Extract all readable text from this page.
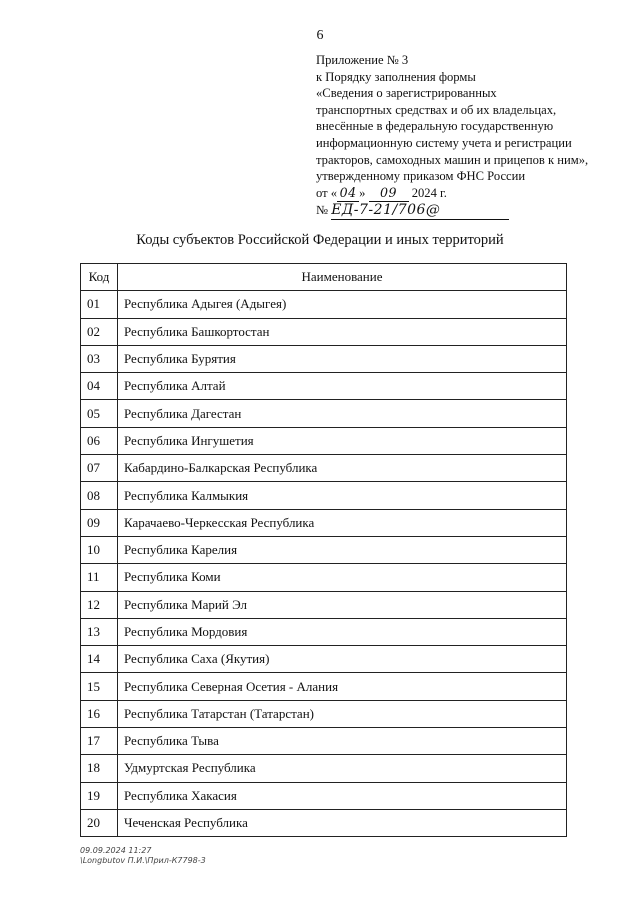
6
Приложение № 3
к Порядку заполнения формы
«Сведения о зарегистрированных
транспортных средствах и об их владельцах,
внесённые в федеральную государственную
информационную систему учета и регистрации
тракторов, самоходных машин и прицепов к ним»,
утвержденному приказом ФНС России
от « 04 » 09 2024 г.
№ ЕД-7-21/706@
Коды субъектов Российской Федерации и иных территорий
Код	Наименование
01	Республика Адыгея (Адыгея)
02	Республика Башкортостан
03	Республика Бурятия
04	Республика Алтай
05	Республика Дагестан
06	Республика Ингушетия
07	Кабардино-Балкарская Республика
08	Республика Калмыкия
09	Карачаево-Черкесская Республика
10	Республика Карелия
11	Республика Коми
12	Республика Марий Эл
13	Республика Мордовия
14	Республика Саха (Якутия)
15	Республика Северная Осетия - Алания
16	Республика Татарстан (Татарстан)
17	Республика Тыва
18	Удмуртская Республика
19	Республика Хакасия
20	Чеченская Республика
09.09.2024 11:27
\Longbutov П.И.\Прил-К7798-3
